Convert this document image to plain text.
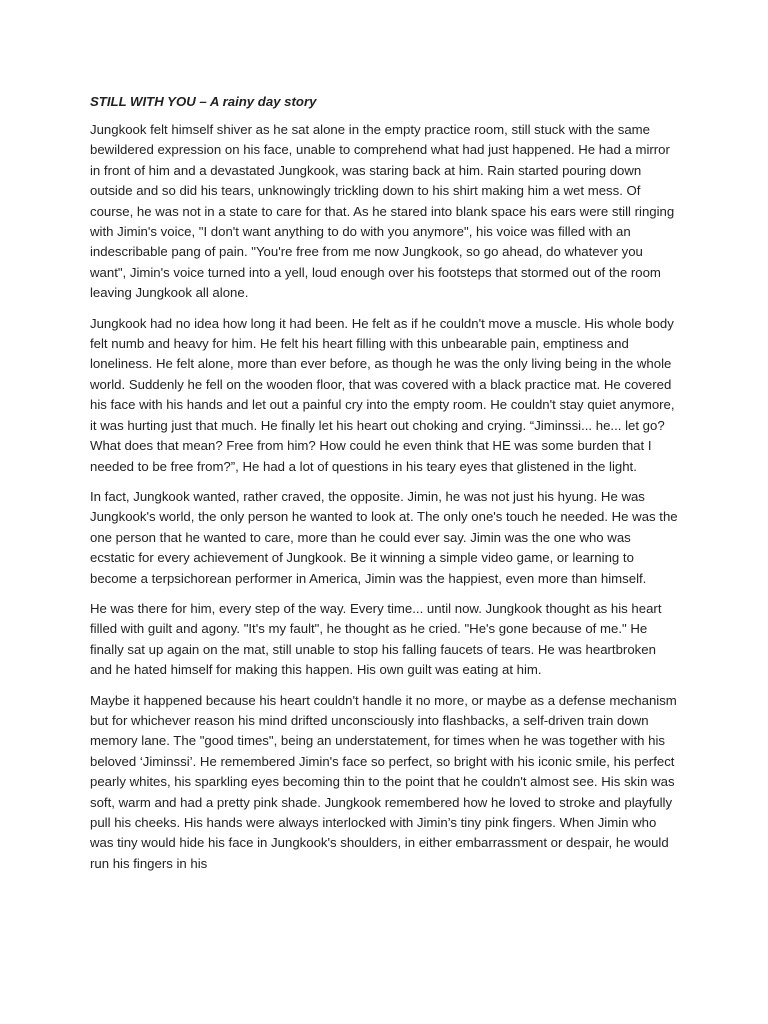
STILL WITH YOU – A rainy day story

Jungkook felt himself shiver as he sat alone in the empty practice room, still stuck with the same bewildered expression on his face, unable to comprehend what had just happened. He had a mirror in front of him and a devastated Jungkook, was staring back at him. Rain started pouring down outside and so did his tears, unknowingly trickling down to his shirt making him a wet mess. Of course, he was not in a state to care for that. As he stared into blank space his ears were still ringing with Jimin's voice, "I don't want anything to do with you anymore", his voice was filled with an indescribable pang of pain. "You're free from me now Jungkook, so go ahead, do whatever you want", Jimin's voice turned into a yell, loud enough over his footsteps that stormed out of the room leaving Jungkook all alone.

Jungkook had no idea how long it had been. He felt as if he couldn't move a muscle. His whole body felt numb and heavy for him. He felt his heart filling with this unbearable pain, emptiness and loneliness. He felt alone, more than ever before, as though he was the only living being in the whole world. Suddenly he fell on the wooden floor, that was covered with a black practice mat. He covered his face with his hands and let out a painful cry into the empty room. He couldn't stay quiet anymore, it was hurting just that much. He finally let his heart out choking and crying. “Jiminssi... he... let go? What does that mean? Free from him? How could he even think that HE was some burden that I needed to be free from?”, He had a lot of questions in his teary eyes that glistened in the light.

In fact, Jungkook wanted, rather craved, the opposite. Jimin, he was not just his hyung. He was Jungkook's world, the only person he wanted to look at. The only one's touch he needed. He was the one person that he wanted to care, more than he could ever say. Jimin was the one who was ecstatic for every achievement of Jungkook. Be it winning a simple video game, or learning to become a terpsichorean performer in America, Jimin was the happiest, even more than himself.

He was there for him, every step of the way. Every time... until now. Jungkook thought as his heart filled with guilt and agony. "It's my fault", he thought as he cried. "He's gone because of me." He finally sat up again on the mat, still unable to stop his falling faucets of tears. He was heartbroken and he hated himself for making this happen. His own guilt was eating at him.

Maybe it happened because his heart couldn't handle it no more, or maybe as a defense mechanism but for whichever reason his mind drifted unconsciously into flashbacks, a self-driven train down memory lane. The "good times", being an understatement, for times when he was together with his beloved ‘Jiminssi’. He remembered Jimin's face so perfect, so bright with his iconic smile, his perfect pearly whites, his sparkling eyes becoming thin to the point that he couldn't almost see. His skin was soft, warm and had a pretty pink shade. Jungkook remembered how he loved to stroke and playfully pull his cheeks. His hands were always interlocked with Jimin’s tiny pink fingers. When Jimin who was tiny would hide his face in Jungkook's shoulders, in either embarrassment or despair, he would run his fingers in his
